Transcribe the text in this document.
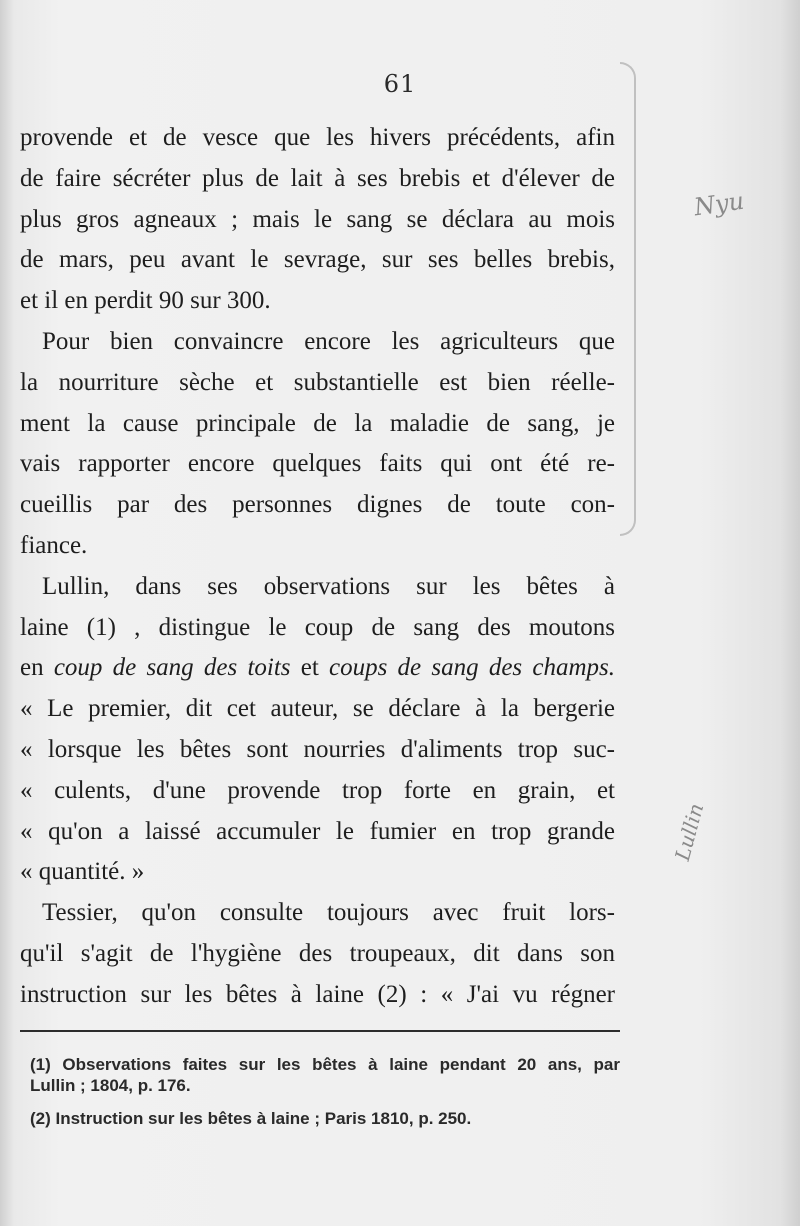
Nyu
Lullin
61
provende et de vesce que les hivers précédents, afin
de faire sécréter plus de lait à ses brebis et d'élever de
plus gros agneaux ; mais le sang se déclara au mois
de mars, peu avant le sevrage, sur ses belles brebis,
et il en perdit 90 sur 300.
Pour bien convaincre encore les agriculteurs que
la nourriture sèche et substantielle est bien réelle-
ment la cause principale de la maladie de sang, je
vais rapporter encore quelques faits qui ont été re-
cueillis par des personnes dignes de toute con-
fiance.
Lullin, dans ses observations sur les bêtes à
laine (1) , distingue le coup de sang des moutons
en coup de sang des toits et coups de sang des champs.
« Le premier, dit cet auteur, se déclare à la bergerie
« lorsque les bêtes sont nourries d'aliments trop suc-
« culents, d'une provende trop forte en grain, et
« qu'on a laissé accumuler le fumier en trop grande
« quantité. »
Tessier, qu'on consulte toujours avec fruit lors-
qu'il s'agit de l'hygiène des troupeaux, dit dans son
instruction sur les bêtes à laine (2) : « J'ai vu régner
(1) Observations faites sur les bêtes à laine pendant 20 ans, par
Lullin ; 1804, p. 176.
(2) Instruction sur les bêtes à laine ; Paris 1810, p. 250.
